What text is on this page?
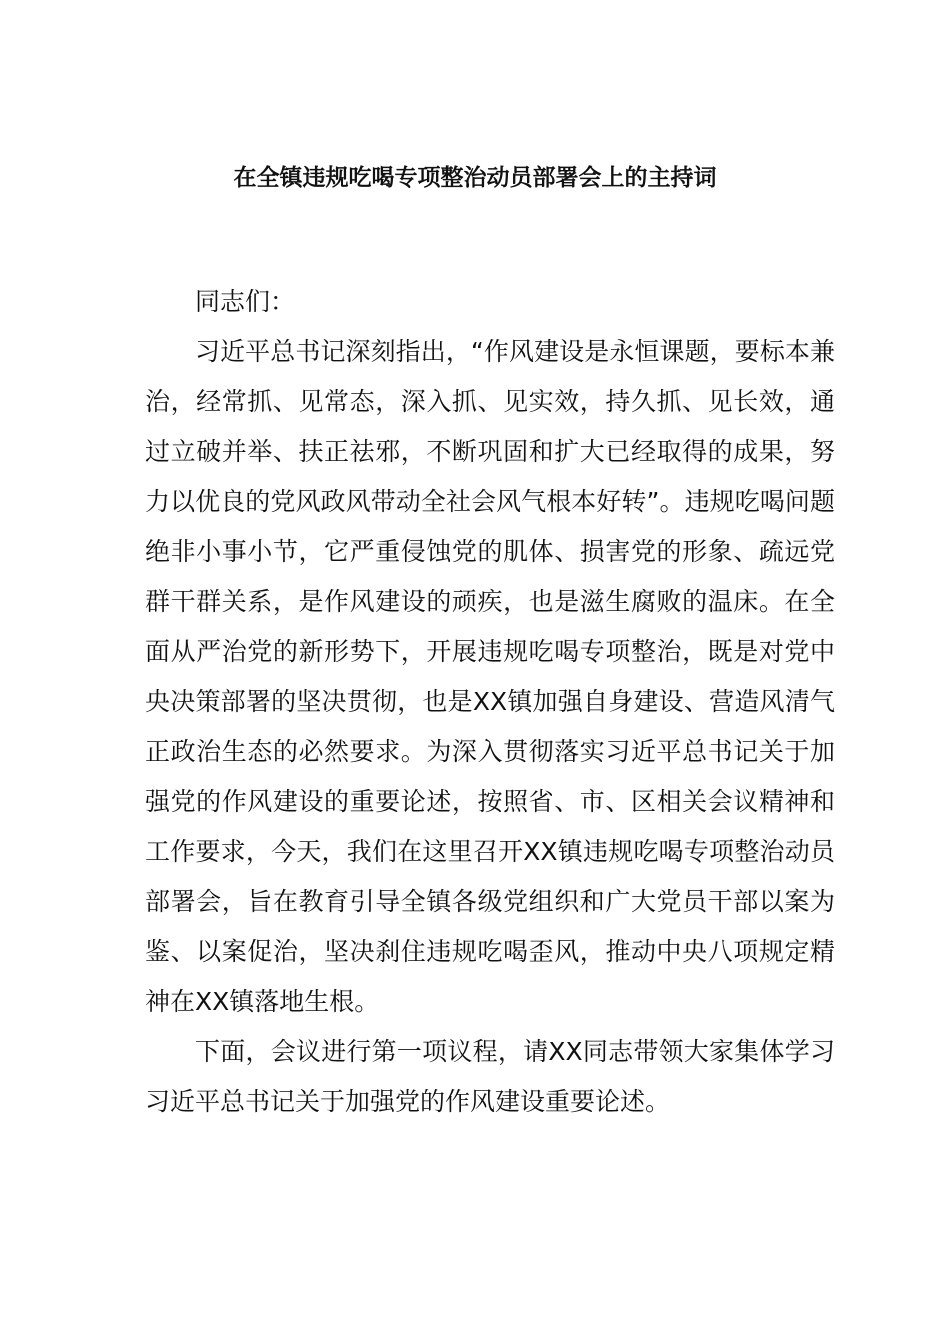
在全镇违规吃喝专项整治动员部署会上的主持词

同志们：

习近平总书记深刻指出，“作风建设是永恒课题，要标本兼治，经常抓、见常态，深入抓、见实效，持久抓、见长效，通过立破并举、扶正祛邪，不断巩固和扩大已经取得的成果，努力以优良的党风政风带动全社会风气根本好转”。违规吃喝问题绝非小事小节，它严重侵蚀党的肌体、损害党的形象、疏远党群干群关系，是作风建设的顽疾，也是滋生腐败的温床。在全面从严治党的新形势下，开展违规吃喝专项整治，既是对党中央决策部署的坚决贯彻，也是XX镇加强自身建设、营造风清气正政治生态的必然要求。为深入贯彻落实习近平总书记关于加强党的作风建设的重要论述，按照省、市、区相关会议精神和工作要求，今天，我们在这里召开XX镇违规吃喝专项整治动员部署会，旨在教育引导全镇各级党组织和广大党员干部以案为鉴、以案促治，坚决刹住违规吃喝歪风，推动中央八项规定精神在XX镇落地生根。

下面，会议进行第一项议程，请XX同志带领大家集体学习习近平总书记关于加强党的作风建设重要论述。
